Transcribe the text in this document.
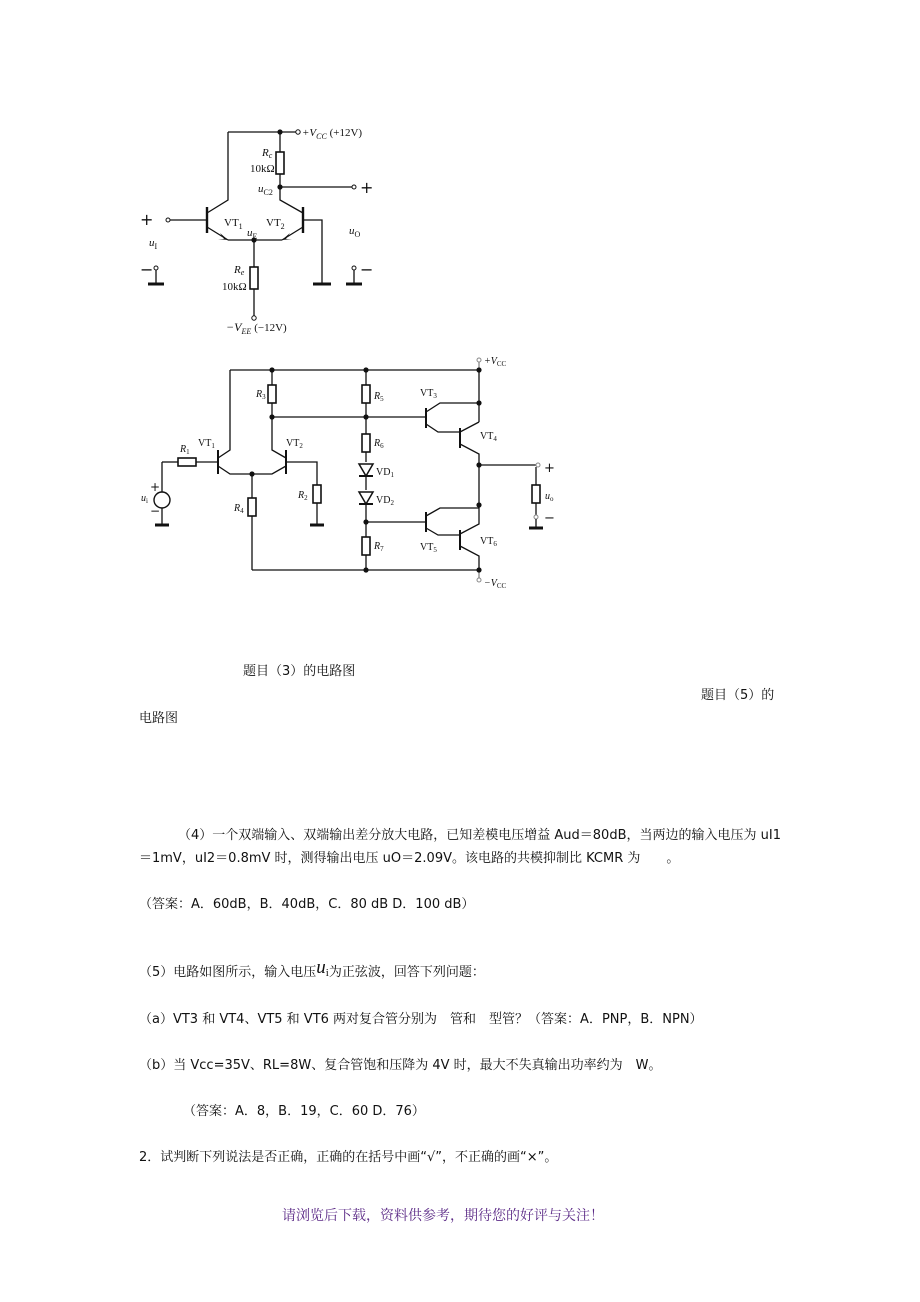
$+V_{CC}$ (+12V)
Rc
10kΩ
$u_{C2}$	+
+	$VT_1$ $VT_2$
$u_E$
$u_I$
$u_O$
−	−
Re
10kΩ
$-V_{EE}$ (−12V)
$+V_{CC}$
$-V_{CC}$
$R_3$	$R_5$
$R_6$
$VD_1$
$VD_2$
$R_7$
$VT_3$
$VT_4$
$VT_5$
$VT_6$
$VT_1$	$VT_2$
$R_1$
$R_2$
$R_4$
$u_i$
+
−
$u_o$
+
−
题目（3）的电路图
题目（5）的
电路图
（4）一个双端输入、双端输出差分放大电路，已知差模电压增益 Aud＝80dB，当两边的输入电压为 uI1
＝1mV，uI2＝0.8mV 时，测得输出电压 uO＝2.09V。该电路的共模抑制比 KCMR 为　　。
（答案：A．60dB，B．40dB，C．80 dB D．100 dB）
（5）电路如图所示，输入电压ui为正弦波，回答下列问题：
（a）VT3 和 VT4、VT5 和 VT6 两对复合管分别为　管和　型管？（答案：A．PNP，B．NPN）
（b）当 Vcc=35V、RL=8W、复合管饱和压降为 4V 时，最大不失真输出功率约为　W。
（答案：A．8，B．19，C．60 D．76）
2．试判断下列说法是否正确，正确的在括号中画“√”，不正确的画“×”。
请浏览后下载，资料供参考，期待您的好评与关注！
